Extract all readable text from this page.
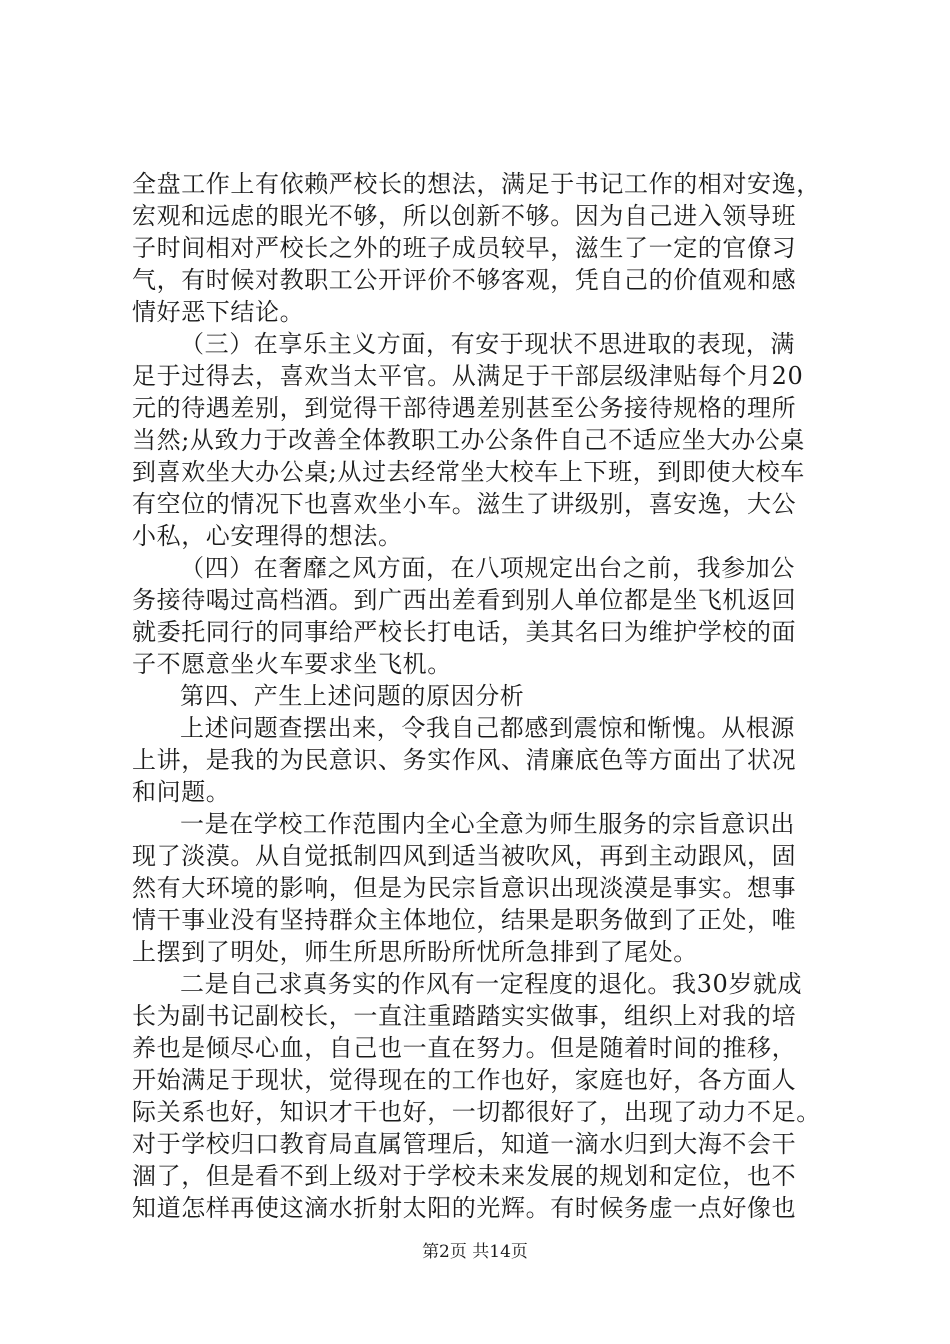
全盘工作上有依赖严校长的想法，满足于书记工作的相对安逸，
宏观和远虑的眼光不够，所以创新不够。因为自己进入领导班
子时间相对严校长之外的班子成员较早，滋生了一定的官僚习
气，有时候对教职工公开评价不够客观，凭自己的价值观和感
情好恶下结论。
（三）在享乐主义方面，有安于现状不思进取的表现，满
足于过得去，喜欢当太平官。从满足于干部层级津贴每个月20
元的待遇差别，到觉得干部待遇差别甚至公务接待规格的理所
当然;从致力于改善全体教职工办公条件自己不适应坐大办公桌
到喜欢坐大办公桌;从过去经常坐大校车上下班，到即使大校车
有空位的情况下也喜欢坐小车。滋生了讲级别，喜安逸，大公
小私，心安理得的想法。
（四）在奢靡之风方面，在八项规定出台之前，我参加公
务接待喝过高档酒。到广西出差看到别人单位都是坐飞机返回
就委托同行的同事给严校长打电话，美其名曰为维护学校的面
子不愿意坐火车要求坐飞机。
第四、产生上述问题的原因分析
上述问题查摆出来，令我自己都感到震惊和惭愧。从根源
上讲，是我的为民意识、务实作风、清廉底色等方面出了状况
和问题。
一是在学校工作范围内全心全意为师生服务的宗旨意识出
现了淡漠。从自觉抵制四风到适当被吹风，再到主动跟风，固
然有大环境的影响，但是为民宗旨意识出现淡漠是事实。想事
情干事业没有坚持群众主体地位，结果是职务做到了正处，唯
上摆到了明处，师生所思所盼所忧所急排到了尾处。
二是自己求真务实的作风有一定程度的退化。我30岁就成
长为副书记副校长，一直注重踏踏实实做事，组织上对我的培
养也是倾尽心血，自己也一直在努力。但是随着时间的推移，
开始满足于现状，觉得现在的工作也好，家庭也好，各方面人
际关系也好，知识才干也好，一切都很好了，出现了动力不足。
对于学校归口教育局直属管理后，知道一滴水归到大海不会干
涸了，但是看不到上级对于学校未来发展的规划和定位，也不
知道怎样再使这滴水折射太阳的光辉。有时候务虚一点好像也
第2页 共14页
